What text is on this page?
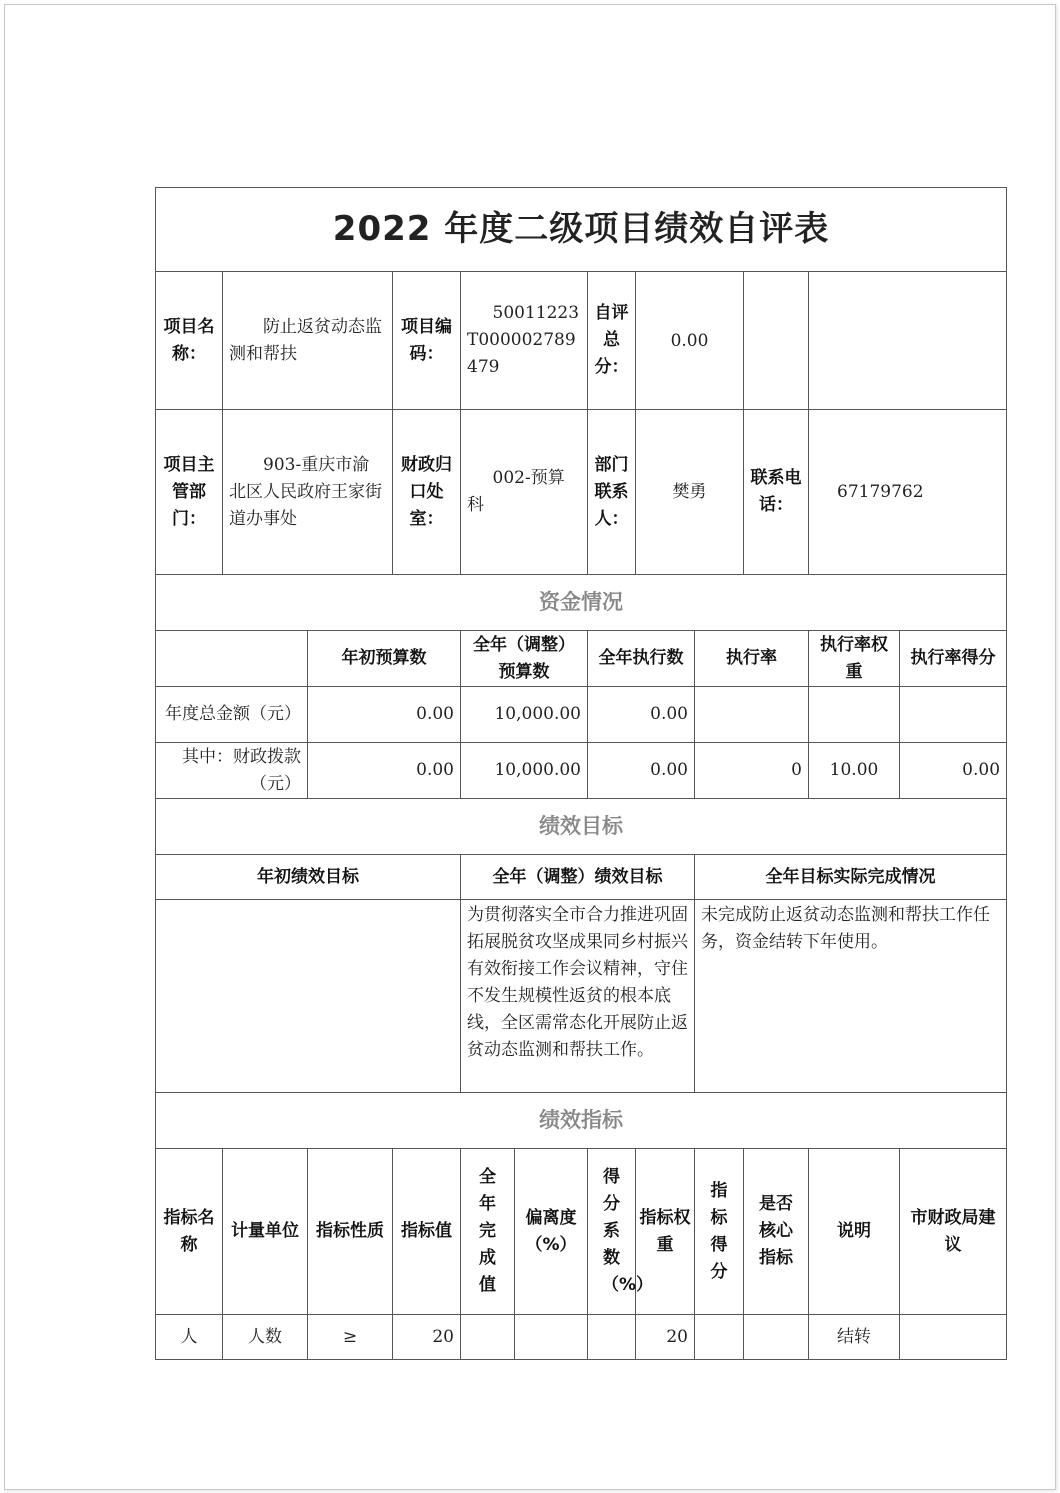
2022 年度二级项目绩效自评表											
项目名称：	防止返贫动态监测和帮扶		项目编码：	50011223T000002789479		自评总分：	0.00				
项目主管部门：	903-重庆市渝北区人民政府王家街道办事处		财政归口处室：	002-预算科		部门联系人：	樊勇		联系电话：	67179762	
资金情况											
		年初预算数		全年（调整）预算数		全年执行数		执行率		执行率权重	执行率得分
年度总金额（元）		0.00		10,000.00		0.00					
其中：财政拨款（元）		0.00		10,000.00		0.00		0		10.00	0.00
绩效目标											
年初绩效目标				全年（调整）绩效目标				全年目标实际完成情况			
				为贯彻落实全市合力推进巩固拓展脱贫攻坚成果同乡村振兴有效衔接工作会议精神，守住不发生规模性返贫的根本底线，全区需常态化开展防止返贫动态监测和帮扶工作。				未完成防止返贫动态监测和帮扶工作任务，资金结转下年使用。			
绩效指标											
指标名称	计量单位	指标性质	指标值	全年完成值	偏离度（%）	得分系数（%）	指标权重	指标得分	是否核心指标	说明	市财政局建议
人	人数	≥	20				20			结转	
